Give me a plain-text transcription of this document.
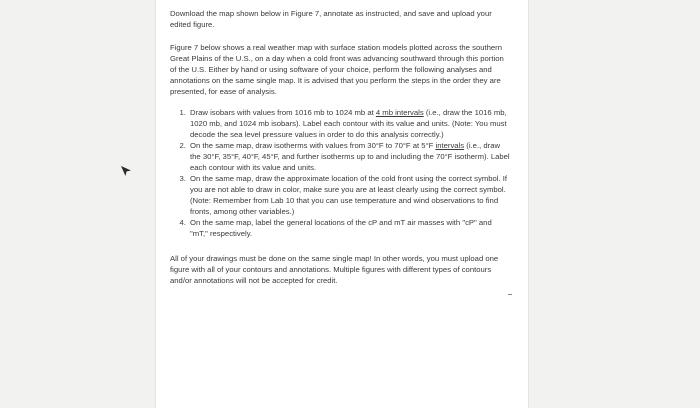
Download the map shown below in Figure 7, annotate as instructed, and save and upload your edited figure.

Figure 7 below shows a real weather map with surface station models plotted across the southern Great Plains of the U.S., on a day when a cold front was advancing southward through this portion of the U.S. Either by hand or using software of your choice, perform the following analyses and annotations on the same single map. It is advised that you perform the steps in the order they are presented, for ease of analysis.

1. Draw isobars with values from 1016 mb to 1024 mb at 4 mb intervals (i.e., draw the 1016 mb, 1020 mb, and 1024 mb isobars). Label each contour with its value and units. (Note: You must decode the sea level pressure values in order to do this analysis correctly.)
2. On the same map, draw isotherms with values from 30°F to 70°F at 5°F intervals (i.e., draw the 30°F, 35°F, 40°F, 45°F, and further isotherms up to and including the 70°F isotherm). Label each contour with its value and units.
3. On the same map, draw the approximate location of the cold front using the correct symbol. If you are not able to draw in color, make sure you are at least clearly using the correct symbol. (Note: Remember from Lab 10 that you can use temperature and wind observations to find fronts, among other variables.)
4. On the same map, label the general locations of the cP and mT air masses with "cP" and "mT," respectively.

All of your drawings must be done on the same single map! In other words, you must upload one figure with all of your contours and annotations. Multiple figures with different types of contours and/or annotations will not be accepted for credit.
